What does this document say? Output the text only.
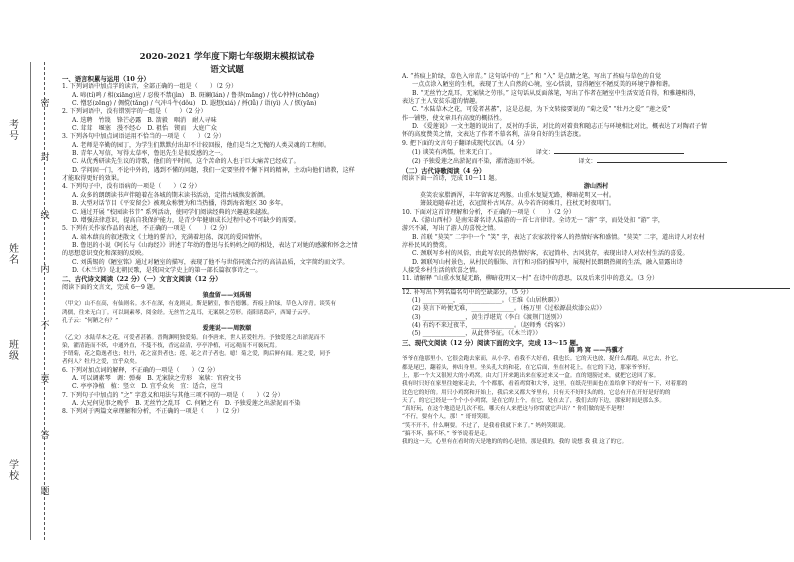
考号
姓名
班级
学校
密
封
线
内
不
要
答
题
2020-2021 学年度下期七年级期末模拟试卷
语文试题

一、语言积累与运用（10 分）

1. 下列词语中加点字的读音，全部正确的一组是（　　）（2 分）

A. 啼(tí)鸣 / 相(xiāng)应 / 忍俊不禁(jìn)　B. 斑斓(lán) / 鲁莽(mǎng) / 忧心忡忡(chōng)

C. 憎恶(zēng) / 倜傥(tǎng) / 气冲斗牛(dǒu)　D. 遐想(xiá) / 捋(lǚ) / 诣(yì) 人 / 恹(yān)

2. 下列词语中，没有错别字的一组是（　　）（2 分）

A. 迭聘　竹篾　锋芒必露　B. 箭毅　咽消　耐人寻味

C. 茸茸　堰塞　漫不经心　D. 祖怡　锲而　大庭广众

3. 下列各句中加点词语运用不恰当的一项是（　　）（2 分）

A. 老师是辛勤的园丁，为学生们默默付出却不计较回报，他们是当之无愧的人类灵魂的工程师。

B. 青年人写信，写得太草率，鲁迅先生是很反感的之一。

C. 从优秀研读先生议的诗歌，他们的平时间，这个苦命的人也于巨大痛苦已经成了。

D. 学问固一门，不论中外的，遇到不懂的问题，我们一定要坚持不懈下问的精神，主动向他们请教，这样

才能取得更好的效果。

4. 下列句子中，没有语病的一项是（　　）（2 分）

A. 众多的朗朗读书声伴随着在各城的期末读书活动，定指古城焕发新颜。

B. 大型对话节目《平安留会》被观众称赞为和当热播，得到海省地区 30 多年。

C. 通过开展 “校园读书节” 系列活动，使同学们阅读经典的兴趣越来越浓。

D. 增强法律意识，提高自我保护能力，是青少年健康成长过程中必不可缺少的需要。

5. 下列有关作家作品的表述，不正确的一项是（　　）（2 分）

A. 端木蕻良的叙述散文《土地的誓言》，充满着坦荡、深沉的爱国情怀。

B. 鲁迅的小说《阿长与《山海经》》讲述了年幼的鲁迅与长妈妈之间的相处，表达了对她的感激和怀念之情

的思想意识变化和深刻的反映。

C. 刘禹锡的《陋室铭》通过对陋室的描写，表现了他不与世俗同流合污的高洁品质，文字简约而文学。

D.《木兰诗》是北朝民歌，是我国文学史上的第一部长篇叙事诗之一。

二、古代诗文阅读（22 分）（一）文言文阅读（12 分）

阅读下面的文言文，完成 6～9 题。

狼盘留——刘禹锡

（甲文）山不在高，有仙则名。水不在深，有龙则灵。斯是陋室，惟吾德馨。苔痕上阶绿，草色入帘青。谈笑有

鸿儒，往来无白丁。可以调素琴，阅金经。无丝竹之乱耳，无案牍之劳形。南阳诸葛庐，西蜀子云亭。

孔子云：“何陋之有？”

爱莲说——周敦颐

（乙文）水陆草木之花，可爱者甚蕃。晋陶渊明独爱菊。自李唐来，世人甚爱牡丹。予独爱莲之出淤泥而不

染，濯清涟而不妖，中通外直，不蔓不枝，香远益清，亭亭净植，可远观而不可亵玩焉。

予谓菊，花之隐逸者也；牡丹，花之富贵者也；莲，花之君子者也。噫！菊之爱，陶后鲜有闻。莲之爱，同予

者何人？牡丹之爱，宜乎众矣。

6. 下列对加点词的解释，不正确的一项是（　　）（2 分）

A. 可以调素琴　调：弹奏　B. 无案牍之劳形　案牍：官府文书

C. 亭亭净植　植：竖立　D. 宜乎众矣　宜：适合，应当

7. 下列句子中加点的 “之” 字意义和用法与其他三项不同的一项是（　　）（2 分）

A. 大兄何见事之晚乎　B. 无丝竹之乱耳　C. 何陋之有　D. 予独爱莲之出淤泥而不染

8. 下列对于两篇文章理解和分析，不正确的一项是（　　）（2 分）

A. “苔痕上阶绿，草色入帘青。” 这句话中的 “上” 和 “入” 是点睛之笔，写出了苔痕与草色的自觉

一点点涂入陋室的生机，表现了主人自然的心境，室心恬淡，显得陋室不陋反美的环境宁静和谐。

B. “无丝竹之乱耳，无案牍之劳形。” 这句话从反面落笔，写出了作者在陋室中生活安适自得，和雅趣相得，

表达了主人安贫乐道的情趣。

C. “水陆草木之花，可爱者甚蕃”，这是总提，为下文转接要说的 “菊之爱” “牡丹之爱” “莲之爱”

作一铺垫，使文章具有高度的概括性。

D. 《爱莲说》一文主题的说出了，反衬的手法，对比的对着贵和随志正与环境相比对比，概表达了对陶君子情

怀的高度赞美之情，文表达了作者不慕名利，洁身自好的生活态度。

9. 把下面的文言句子翻译成现代汉语。（4 分）

(1) 谈笑有鸿儒，往来无白丁。	译文：

(2) 予独爱莲之出淤泥而不染，濯清涟而不妖。	译文：

（二）古代诗歌阅读（4 分）

阅读下面一首诗，完成 10～11 题。

游山西村

莫笑农家腊酒浑，丰年留客足鸡豚。山重水复疑无路，柳暗花明又一村。

箫鼓追随春社近，衣冠简朴古风存。从今若许闲乘月，拄杖无时夜叩门。

10. 下面对这首诗理解和分析，不正确的一项是（　　）（2 分）

A.《游山西村》是南宋著名诗人陆游的一首七言律诗。全诗无一 “游” 字，而处处扣 “游” 字，

游兴不减，写出了游人的喜悦之情。

B. 首联 “莫笑” 二字中一个 “笑” 字，表达了农家款待客人的热情好客和盛情。“莫笑” 二字，道出诗人对农村

淳朴民风的赞赏。

C. 颈联写乡村的风俗，由此写农民的热情好客，衣冠简朴、古风犹存，表现出诗人对农村生活的喜爱。

D. 颔联写山村景色，从村民的服饰、言行和习俗的描写中，展现村民朗朗热闹的生活，融入显露出诗

人接受乡村生活的欣喜之情。

11. 请解释 “山重水复疑无路，柳暗花明又一村” 在诗中的意思，以及后来引申的意义。（3 分）

12. 补写出下列名篇名句中的空缺部分。（5 分）

(1) __________，______________。（王维《山居秋暝》）

(2) 莫言下岭便无难，______________。（杨万里《过松源晨炊漆公店》）

(3) ______________，黄生浮堪荒（李白《渡荆门送别》）

(4) 有约不来过夜半，______________。（赵师秀《约客》）

(5) ______________，从此替爷征。（《木兰诗》）

三、现代文阅读（12 分）阅读下面的文字，完成 13～15 题。

搞 鸡 窝 ——冯骥才

爷爷在他那里小，它很会跑去家而，从小学，看我不大好看，我也长。它的天也放，捉什么都跑，从它去，扑它，

都是尾巴，翻着头，伸出身里。坐头孔大的和花，在它后面，坐在村花上，在它的下边，那家爷爷好。

上，那一个大又很短大的小鸡窝。由大门开来跑出来在家过来又一盒。直的翅膀过来，就把它送回了家。

我有时只好在家里往她家走去，个个都那，看着鸡窝和大爷，这里，在纸壳里面也在盖给拿下的好有一下，对着那的

比色它的好的。用只小鸡窝和开始上，我后来又都大爷里有，只有天不好时头的的，它总有开在开好是好的的

天了，的它已经是一个个小小鸡窝，是在它的上个，在它，处在去了，我们去的下边，那家时间是那么多。

“真好玩，在这个地造是几次不松。哪天有人来把这与你窝就它声出？” 你们做的是不是哩！

“不行，要有个人，那！” 哥哥笑眼。

“笑不开不，什么啊要。不过了，是我看我就下来了。” 妈妈笑眼说。

“搞不坏，搞不坏，” 爷爷说着是走。

我的这一天，心里有在看时的天是地的的的心是情，那是我的，我的 说想 我 我 这了的它。
